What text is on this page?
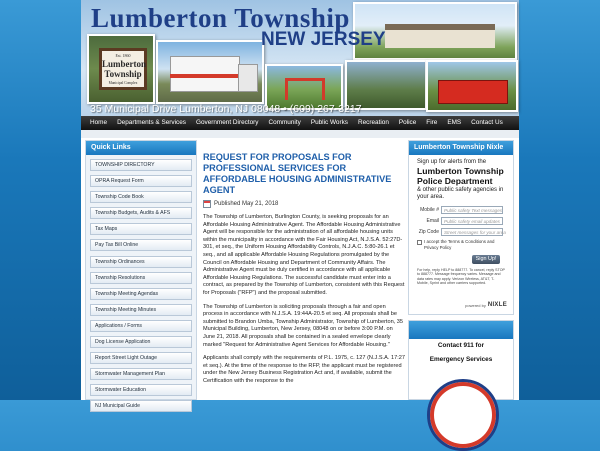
Est. 1860
Lumberton
Township
Municipal Complex
Lumberton Township
NEW JERSEY
35 Municipal Drive Lumberton, NJ 08048 • (609) 267-3217
Home	Departments & Services	Government Directory	Community	Public Works	Recreation	Police	Fire	EMS	Contact Us
Quick Links
TOWNSHIP DIRECTORY
OPRA Request Form
Township Code Book
Township Budgets, Audits & AFS
Tax Maps
Pay Tax Bill Online
Township Ordinances
Township Resolutions
Township Meeting Agendas
Township Meeting Minutes
Applications / Forms
Dog License Application
Report Street Light Outage
Stormwater Management Plan
Stormwater Education
NJ Municipal Guide
REQUEST FOR PROPOSALS FOR PROFESSIONAL SERVICES FOR AFFORDABLE HOUSING ADMINISTRATIVE AGENT
Published May 21, 2018

The Township of Lumberton, Burlington County, is seeking proposals for an Affordable Housing Administrative Agent. The Affordable Housing Administrative Agent will be responsible for the administration of all affordable housing units within the municipality in accordance with the Fair Housing Act, N.J.S.A. 52:27D-301, et seq., the Uniform Housing Affordability Controls, N.J.A.C. 5:80-26.1 et seq., and all applicable Affordable Housing Regulations promulgated by the Council on Affordable Housing and Department of Community Affairs. The Administrative Agent must be duly certified in accordance with all applicable Affordable Housing Regulations. The successful candidate must enter into a contract, as prepared by the Township of Lumberton, consistent with this Request for Proposals ("RFP") and the proposal submitted.

The Township of Lumberton is soliciting proposals through a fair and open process in accordance with N.J.S.A. 19:44A-20.5 et seq. All proposals shall be submitted to Brandon Umba, Township Administrator, Township of Lumberton, 35 Municipal Building, Lumberton, New Jersey, 08048 on or before 3:00 P.M. on June 21, 2018. All proposals shall be contained in a sealed envelope clearly marked "Request for Administrative Agent Services for Affordable Housing."

Applicants shall comply with the requirements of P.L. 1975, c. 127 (N.J.S.A. 17:27 et seq.). At the time of the response to the RFP, the applicant must be registered under the New Jersey Business Registration Act and, if available, submit the Certification with the response to the

Lumberton Township Nixle
Sign up for alerts from the
Lumberton Township Police Department
& other public safety agencies in your area.
Mobile #	Public safety Text messages
Email	Public safety email updates
Zip Code	Street messages for your area
I accept the Terms & Conditions and Privacy Policy
Sign Up!
For help, reply HELP to 888777. To cancel, reply STOP to 888777. Message frequency varies. Message and data rates may apply. Verizon Wireless, AT&T, T-Mobile, Sprint and other carriers supported.
powered by NIXLE
Contact 911 for
Emergency Services
